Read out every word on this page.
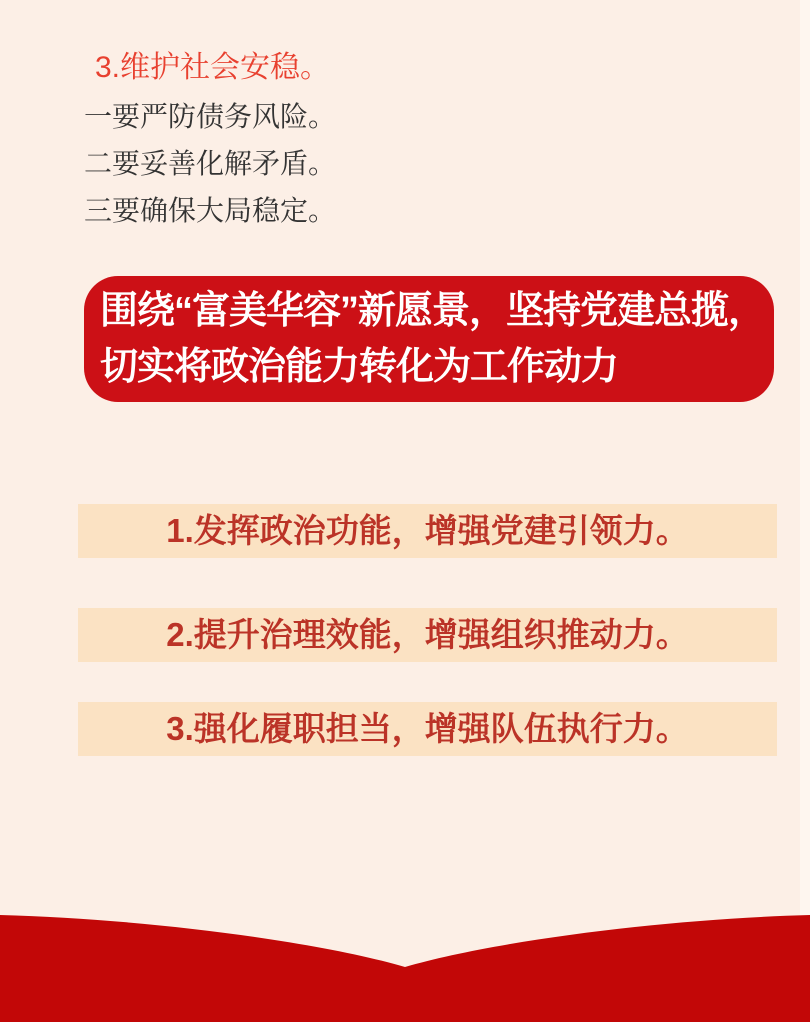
3.维护社会安稳。
一要严防债务风险。
二要妥善化解矛盾。
三要确保大局稳定。
围绕“富美华容”新愿景，坚持党建总揽，
切实将政治能力转化为工作动力
1.发挥政治功能，增强党建引领力。
2.提升治理效能，增强组织推动力。
3.强化履职担当，增强队伍执行力。
